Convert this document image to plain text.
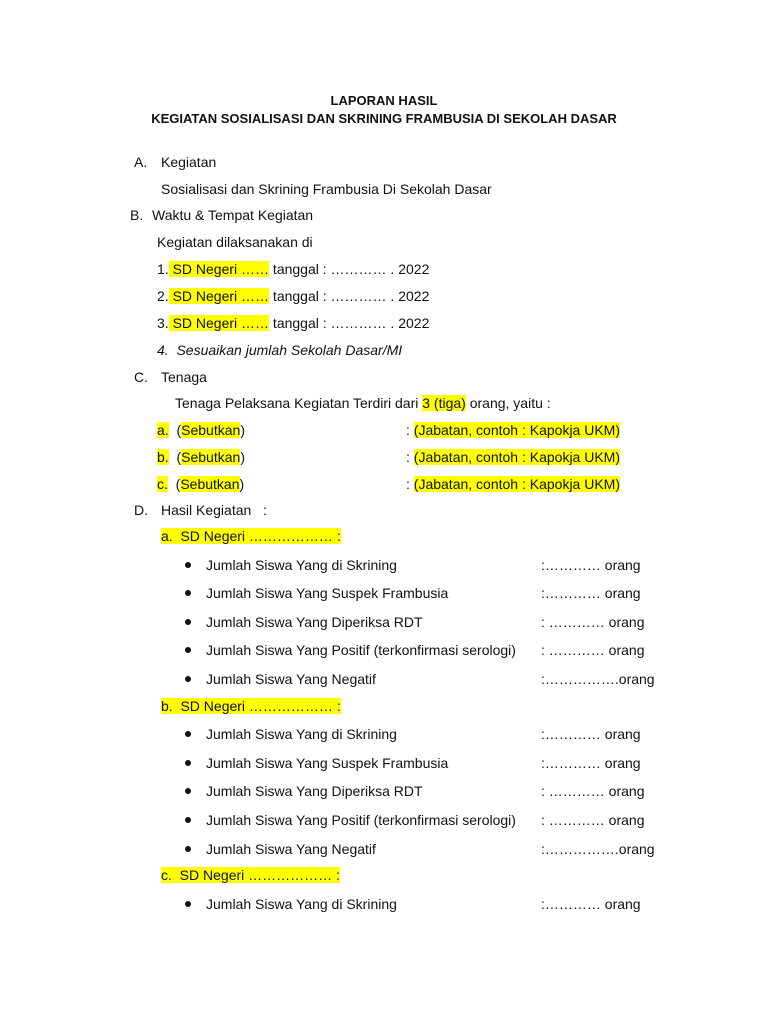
LAPORAN HASIL
KEGIATAN SOSIALISASI DAN SKRINING FRAMBUSIA DI SEKOLAH DASAR
A. Kegiatan
Sosialisasi dan Skrining Frambusia Di Sekolah Dasar
B. Waktu & Tempat Kegiatan
Kegiatan dilaksanakan di
1. SD Negeri …… tanggal : ………… . 2022
2. SD Negeri …… tanggal : ………… . 2022
3. SD Negeri …… tanggal : ………… . 2022
4. Sesuaikan jumlah Sekolah Dasar/MI
C. Tenaga
Tenaga Pelaksana Kegiatan Terdiri dari 3 (tiga) orang, yaitu :
a. (Sebutkan)	: (Jabatan, contoh : Kapokja UKM)
b. (Sebutkan)	: (Jabatan, contoh : Kapokja UKM)
c. (Sebutkan)	: (Jabatan, contoh : Kapokja UKM)
D. Hasil Kegiatan   :
a.  SD Negeri ……………… :
Jumlah Siswa Yang di Skrining	:………… orang
Jumlah Siswa Yang Suspek Frambusia	:………… orang
Jumlah Siswa Yang Diperiksa RDT	: ………… orang
Jumlah Siswa Yang Positif (terkonfirmasi serologi) : ………… orang
Jumlah Siswa Yang Negatif	:…………….orang
b.  SD Negeri ……………… :
Jumlah Siswa Yang di Skrining	:………… orang
Jumlah Siswa Yang Suspek Frambusia	:………… orang
Jumlah Siswa Yang Diperiksa RDT	: ………… orang
Jumlah Siswa Yang Positif (terkonfirmasi serologi) : ………… orang
Jumlah Siswa Yang Negatif	:…………….orang
c.  SD Negeri ……………… :
Jumlah Siswa Yang di Skrining	:………… orang
